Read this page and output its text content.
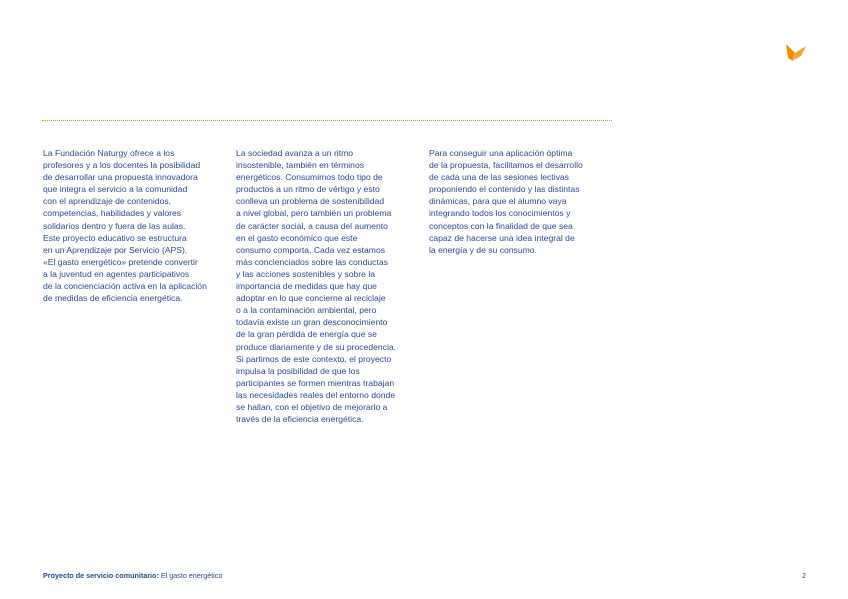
La Fundación Naturgy ofrece a los
profesores y a los docentes la posibilidad
de desarrollar una propuesta innovadora
que integra el servicio a la comunidad
con el aprendizaje de contenidos,
competencias, habilidades y valores
solidarios dentro y fuera de las aulas.
Este proyecto educativo se estructura
en un Aprendizaje por Servicio (APS).
«El gasto energético» pretende convertir
a la juventud en agentes participativos
de la concienciación activa en la aplicación
de medidas de eficiencia energética.
La sociedad avanza a un ritmo
insostenible, también en términos
energéticos. Consumimos todo tipo de
productos a un ritmo de vértigo y esto
conlleva un problema de sostenibilidad
a nivel global, pero también un problema
de carácter social, a causa del aumento
en el gasto económico que este
consumo comporta. Cada vez estamos
más concienciados sobre las conductas
y las acciones sostenibles y sobre la
importancia de medidas que hay que
adoptar en lo que concierne al reciclaje
o a la contaminación ambiental, pero
todavía existe un gran desconocimiento
de la gran pérdida de energía que se
produce diariamente y de su procedencia.
Si partimos de este contexto, el proyecto
impulsa la posibilidad de que los
participantes se formen mientras trabajan
las necesidades reales del entorno donde
se hallan, con el objetivo de mejorarlo a
través de la eficiencia energética.
Para conseguir una aplicación óptima
de la propuesta, facilitamos el desarrollo
de cada una de las sesiones lectivas
proponiendo el contenido y las distintas
dinámicas, para que el alumno vaya
integrando todos los conocimientos y
conceptos con la finalidad de que sea
capaz de hacerse una idea integral de
la energía y de su consumo.
Proyecto de servicio comunitario: El gasto energético	2
